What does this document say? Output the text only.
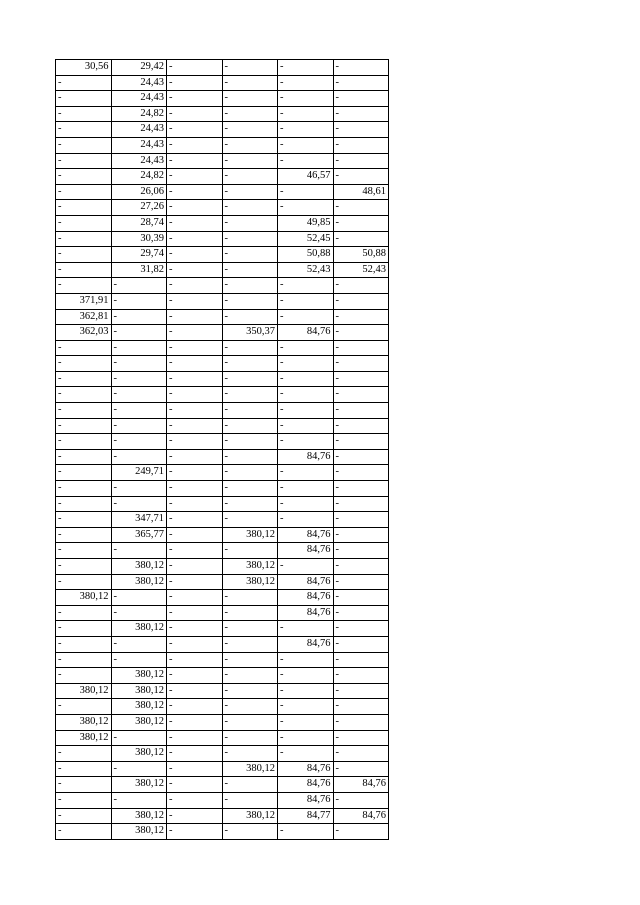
30,56	29,42	-	-	-	-
-	24,43	-	-	-	-
-	24,43	-	-	-	-
-	24,82	-	-	-	-
-	24,43	-	-	-	-
-	24,43	-	-	-	-
-	24,43	-	-	-	-
-	24,82	-	-	46,57	-
-	26,06	-	-	-	48,61
-	27,26	-	-	-	-
-	28,74	-	-	49,85	-
-	30,39	-	-	52,45	-
-	29,74	-	-	50,88	50,88
-	31,82	-	-	52,43	52,43
-	-	-	-	-	-
371,91	-	-	-	-	-
362,81	-	-	-	-	-
362,03	-	-	350,37	84,76	-
-	-	-	-	-	-
-	-	-	-	-	-
-	-	-	-	-	-
-	-	-	-	-	-
-	-	-	-	-	-
-	-	-	-	-	-
-	-	-	-	-	-
-	-	-	-	84,76	-
-	249,71	-	-	-	-
-	-	-	-	-	-
-	-	-	-	-	-
-	347,71	-	-	-	-
-	365,77	-	380,12	84,76	-
-	-	-	-	84,76	-
-	380,12	-	380,12	-	-
-	380,12	-	380,12	84,76	-
380,12	-	-	-	84,76	-
-	-	-	-	84,76	-
-	380,12	-	-	-	-
-	-	-	-	84,76	-
-	-	-	-	-	-
-	380,12	-	-	-	-
380,12	380,12	-	-	-	-
-	380,12	-	-	-	-
380,12	380,12	-	-	-	-
380,12	-	-	-	-	-
-	380,12	-	-	-	-
-	-	-	380,12	84,76	-
-	380,12	-	-	84,76	84,76
-	-	-	-	84,76	-
-	380,12	-	380,12	84,77	84,76
-	380,12	-	-	-	-
